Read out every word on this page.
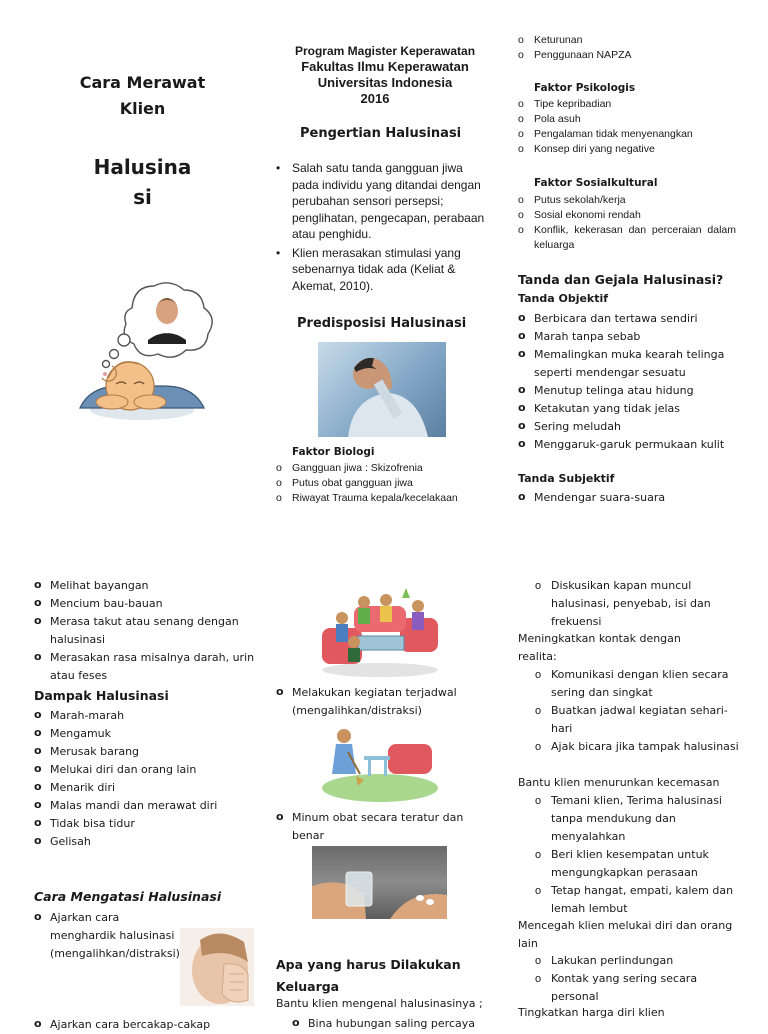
Cara Merawat Klien
Halusina
si
Program Magister Keperawatan
Fakultas Ilmu Keperawatan
Universitas Indonesia
2016
Pengertian Halusinasi
• Salah satu tanda gangguan jiwa pada individu yang ditandai dengan perubahan sensori persepsi; penglihatan, pengecapan, perabaan atau penghidu.
• Klien merasakan stimulasi yang sebenarnya tidak ada (Keliat & Akemat, 2010).
Predisposisi Halusinasi
Faktor Biologi
o Gangguan jiwa : Skizofrenia
o Putus obat gangguan jiwa
o Riwayat Trauma kepala/kecelakaan
o Keturunan
o Penggunaan NAPZA
Faktor Psikologis
o Tipe kepribadian
o Pola asuh
o Pengalaman tidak menyenangkan
o Konsep diri yang negative
Faktor Sosialkultural
o Putus sekolah/kerja
o Sosial ekonomi rendah
o Konflik, kekerasan dan perceraian dalam keluarga
Tanda dan Gejala Halusinasi?
Tanda Objektif
o Berbicara dan tertawa sendiri
o Marah tanpa sebab
o Memalingkan muka kearah telinga seperti mendengar sesuatu
o Menutup telinga atau hidung
o Ketakutan yang tidak jelas
o Sering meludah
o Menggaruk-garuk permukaan kulit
Tanda Subjektif
o Mendengar suara-suara
o Melihat bayangan
o Mencium bau-bauan
o Merasa takut atau senang dengan halusinasi
o Merasakan rasa misalnya darah, urin atau feses
Dampak Halusinasi
o Marah-marah
o Mengamuk
o Merusak barang
o Melukai diri dan orang lain
o Menarik diri
o Malas mandi dan merawat diri
o Tidak bisa tidur
o Gelisah
Cara Mengatasi Halusinasi
o Ajarkan cara menghardik halusinasi (mengalihkan/distraksi)
o Ajarkan cara bercakap-cakap
o Melakukan kegiatan terjadwal (mengalihkan/distraksi)
o Minum obat secara teratur dan benar
Apa yang harus Dilakukan
Keluarga
Bantu klien mengenal halusinasinya ;
o Bina hubungan saling percaya
o Diskusikan kapan muncul halusinasi, penyebab, isi dan frekuensi
Meningkatkan kontak dengan realita:
o Komunikasi dengan klien secara sering dan singkat
o Buatkan jadwal kegiatan sehari-hari
o Ajak bicara jika tampak halusinasi
Bantu klien menurunkan kecemasan
o Temani klien, Terima halusinasi tanpa mendukung dan menyalahkan
o Beri klien kesempatan untuk mengungkapkan perasaan
o Tetap hangat, empati, kalem dan lemah lembut
Mencegah klien melukai diri dan orang lain
o Lakukan perlindungan
o Kontak yang sering secara personal
Tingkatkan harga diri klien
